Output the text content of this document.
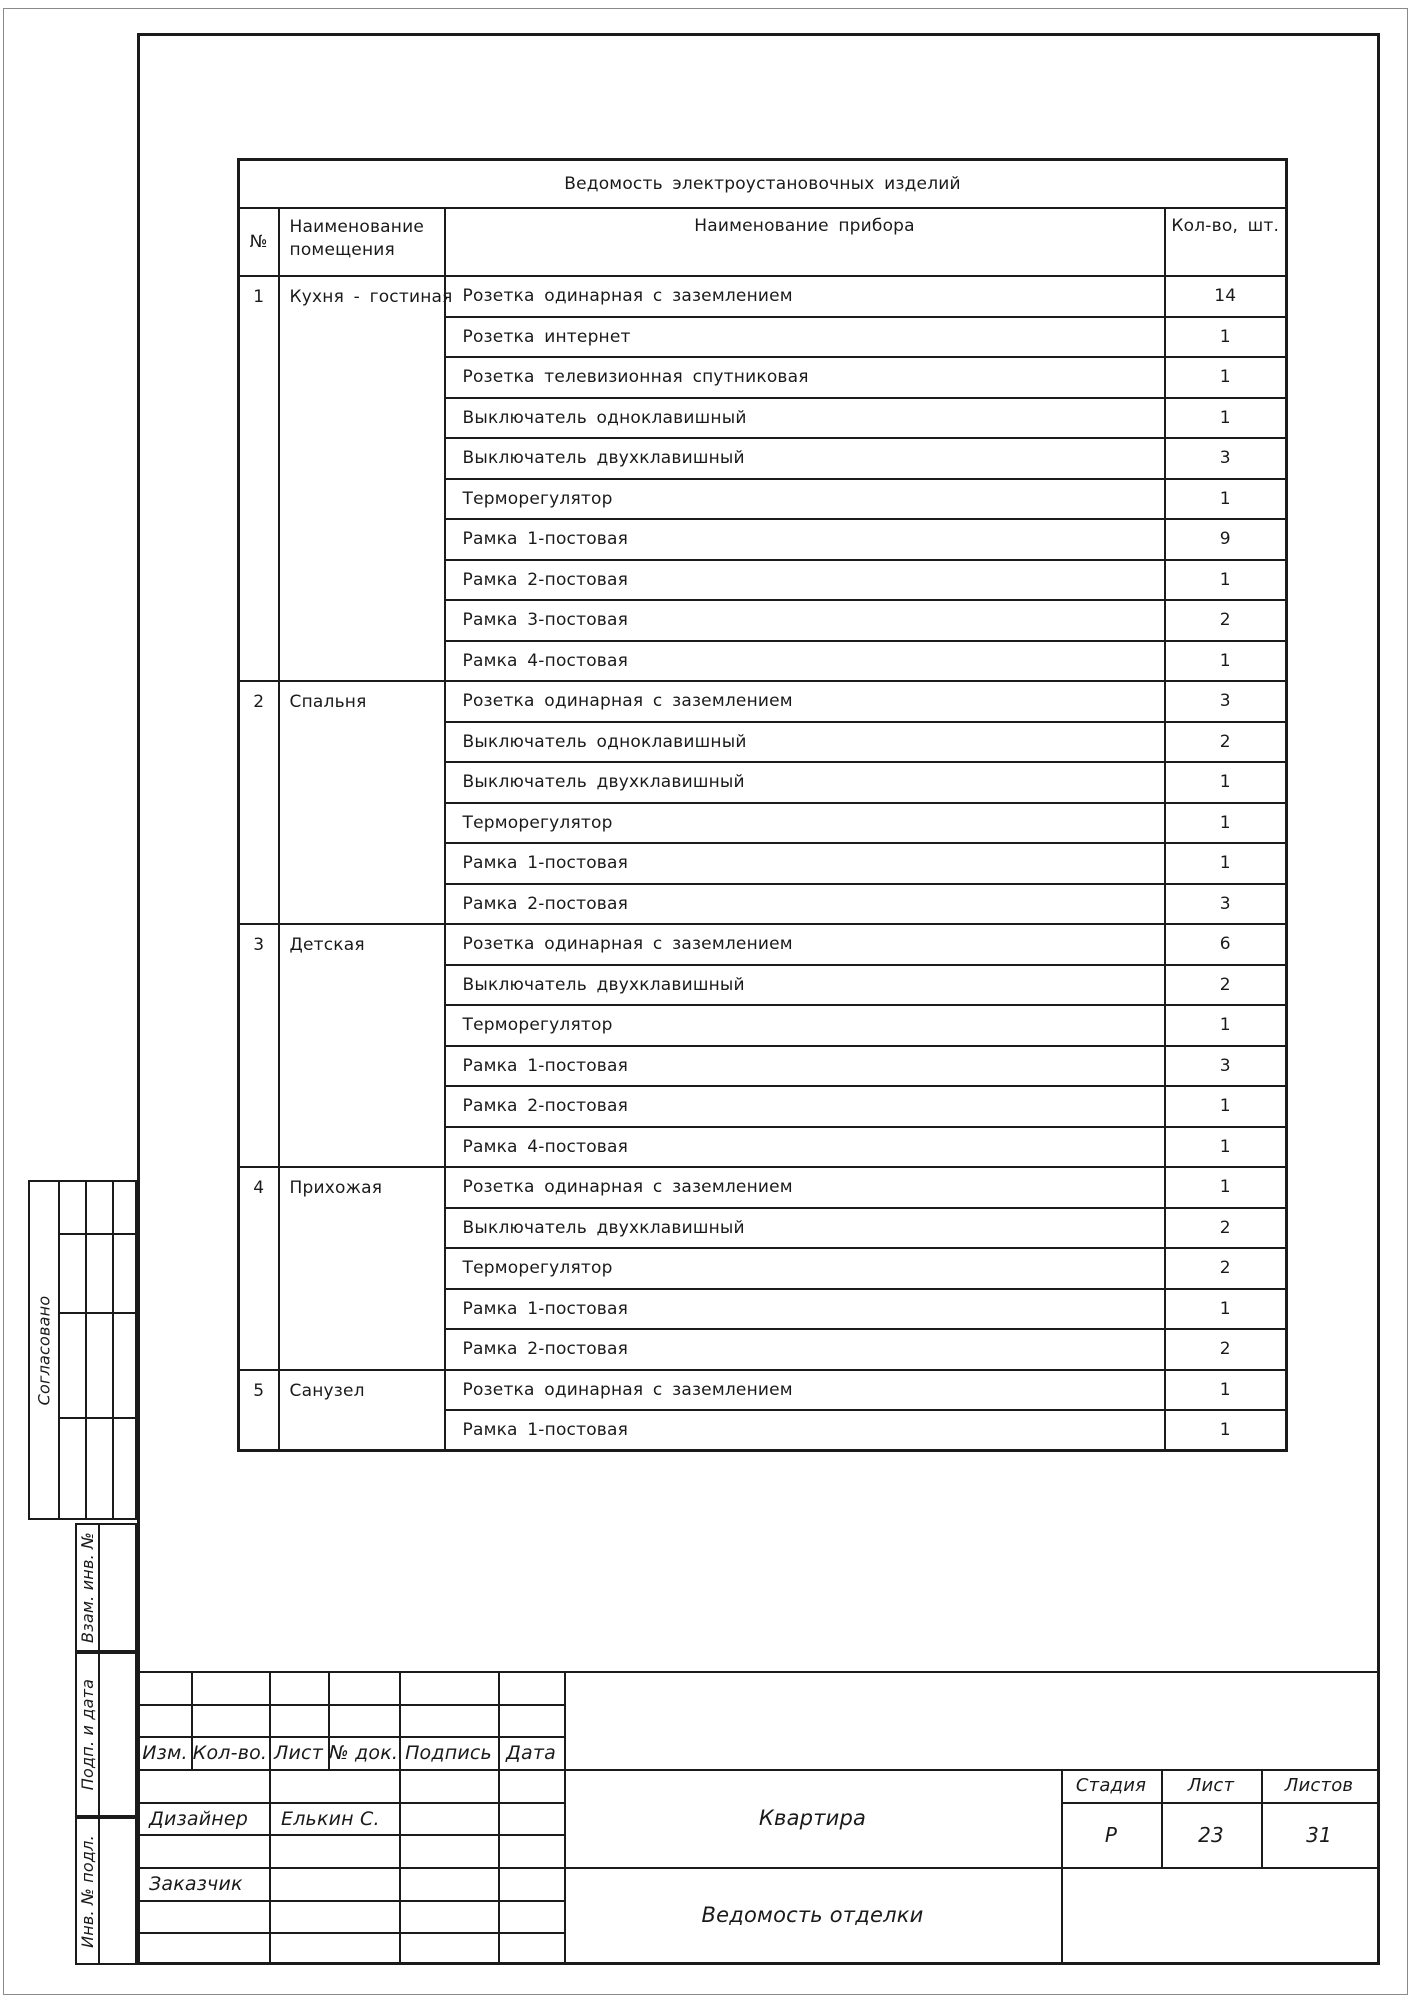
Ведомость электроустановочных изделий			
№	Наименование помещения	Наименование прибора	Кол-во, шт.
1	Кухня - гостиная	Розетка одинарная с заземлением	14
		Розетка интернет	1
		Розетка телевизионная спутниковая	1
		Выключатель одноклавишный	1
		Выключатель двухклавишный	3
		Терморегулятор	1
		Рамка 1-постовая	9
		Рамка 2-постовая	1
		Рамка 3-постовая	2
		Рамка 4-постовая	1
2	Спальня	Розетка одинарная с заземлением	3
		Выключатель одноклавишный	2
		Выключатель двухклавишный	1
		Терморегулятор	1
		Рамка 1-постовая	1
		Рамка 2-постовая	3
3	Детская	Розетка одинарная с заземлением	6
		Выключатель двухклавишный	2
		Терморегулятор	1
		Рамка 1-постовая	3
		Рамка 2-постовая	1
		Рамка 4-постовая	1
4	Прихожая	Розетка одинарная с заземлением	1
		Выключатель двухклавишный	2
		Терморегулятор	2
		Рамка 1-постовая	1
		Рамка 2-постовая	2
5	Санузел	Розетка одинарная с заземлением	1
		Рамка 1-постовая	1
Согласовано
Взам. инв. №
Подп. и дата
Инв. № подл.
Изм. Кол-во. Лист № док. Подпись Дата
Дизайнер	Елькин С.
Заказчик
Квартира
Ведомость отделки
Стадия	Лист	Листов
Р	23	31
